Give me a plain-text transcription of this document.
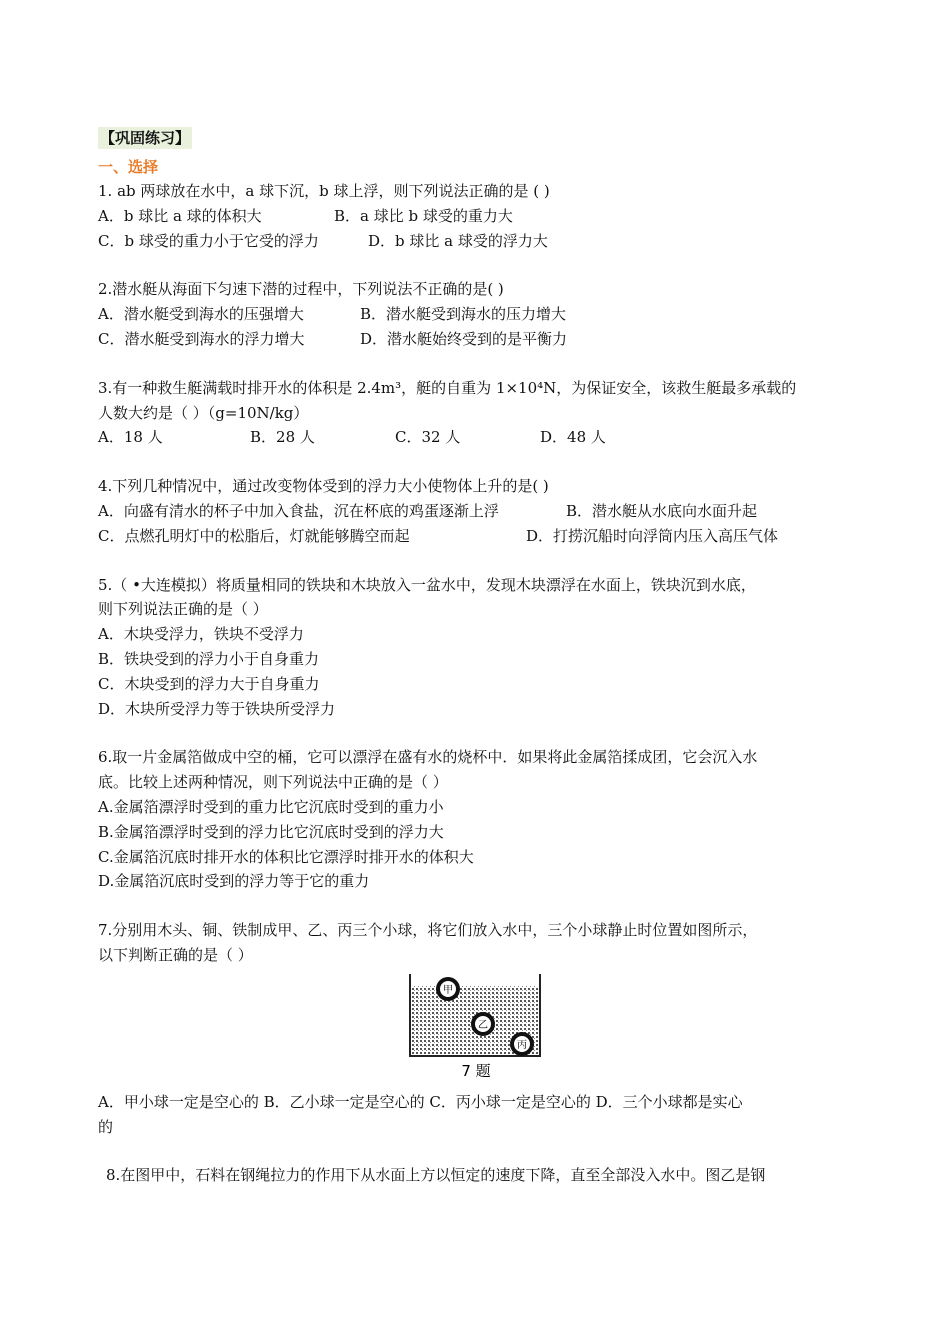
【巩固练习】
一、选择
1. ab 两球放在水中，a 球下沉，b 球上浮，则下列说法正确的是 ( )
A．b 球比 a 球的体积大	B．a 球比 b 球受的重力大
C．b 球受的重力小于它受的浮力	D．b 球比 a 球受的浮力大
2.潜水艇从海面下匀速下潜的过程中，下列说法不正确的是( )
A．潜水艇受到海水的压强增大	B．潜水艇受到海水的压力增大
C．潜水艇受到海水的浮力增大	D．潜水艇始终受到的是平衡力
3.有一种救生艇满载时排开水的体积是 2.4m³，艇的自重为 1×10⁴N，为保证安全，该救生艇最多承载的
人数大约是（ ）（g=10N/kg）
A．18 人	B．28 人	C．32 人	D．48 人
4.下列几种情况中，通过改变物体受到的浮力大小使物体上升的是( )
A．向盛有清水的杯子中加入食盐，沉在杯底的鸡蛋逐渐上浮	B．潜水艇从水底向水面升起
C．点燃孔明灯中的松脂后，灯就能够腾空而起	D．打捞沉船时向浮筒内压入高压气体
5.（ •大连模拟）将质量相同的铁块和木块放入一盆水中，发现木块漂浮在水面上，铁块沉到水底，
则下列说法正确的是（ ）
A．木块受浮力，铁块不受浮力
B．铁块受到的浮力小于自身重力
C．木块受到的浮力大于自身重力
D．木块所受浮力等于铁块所受浮力
6.取一片金属箔做成中空的桶，它可以漂浮在盛有水的烧杯中．如果将此金属箔揉成团，它会沉入水
底。比较上述两种情况，则下列说法中正确的是（ ）
A.金属箔漂浮时受到的重力比它沉底时受到的重力小
B.金属箔漂浮时受到的浮力比它沉底时受到的浮力大
C.金属箔沉底时排开水的体积比它漂浮时排开水的体积大
D.金属箔沉底时受到的浮力等于它的重力
7.分别用木头、铜、铁制成甲、乙、丙三个小球，将它们放入水中，三个小球静止时位置如图所示，
以下判断正确的是（ ）
甲
乙
丙
7 题
A．甲小球一定是空心的 B．乙小球一定是空心的 C．丙小球一定是空心的 D．三个小球都是实心
的
8.在图甲中，石料在钢绳拉力的作用下从水面上方以恒定的速度下降，直至全部没入水中。图乙是钢
